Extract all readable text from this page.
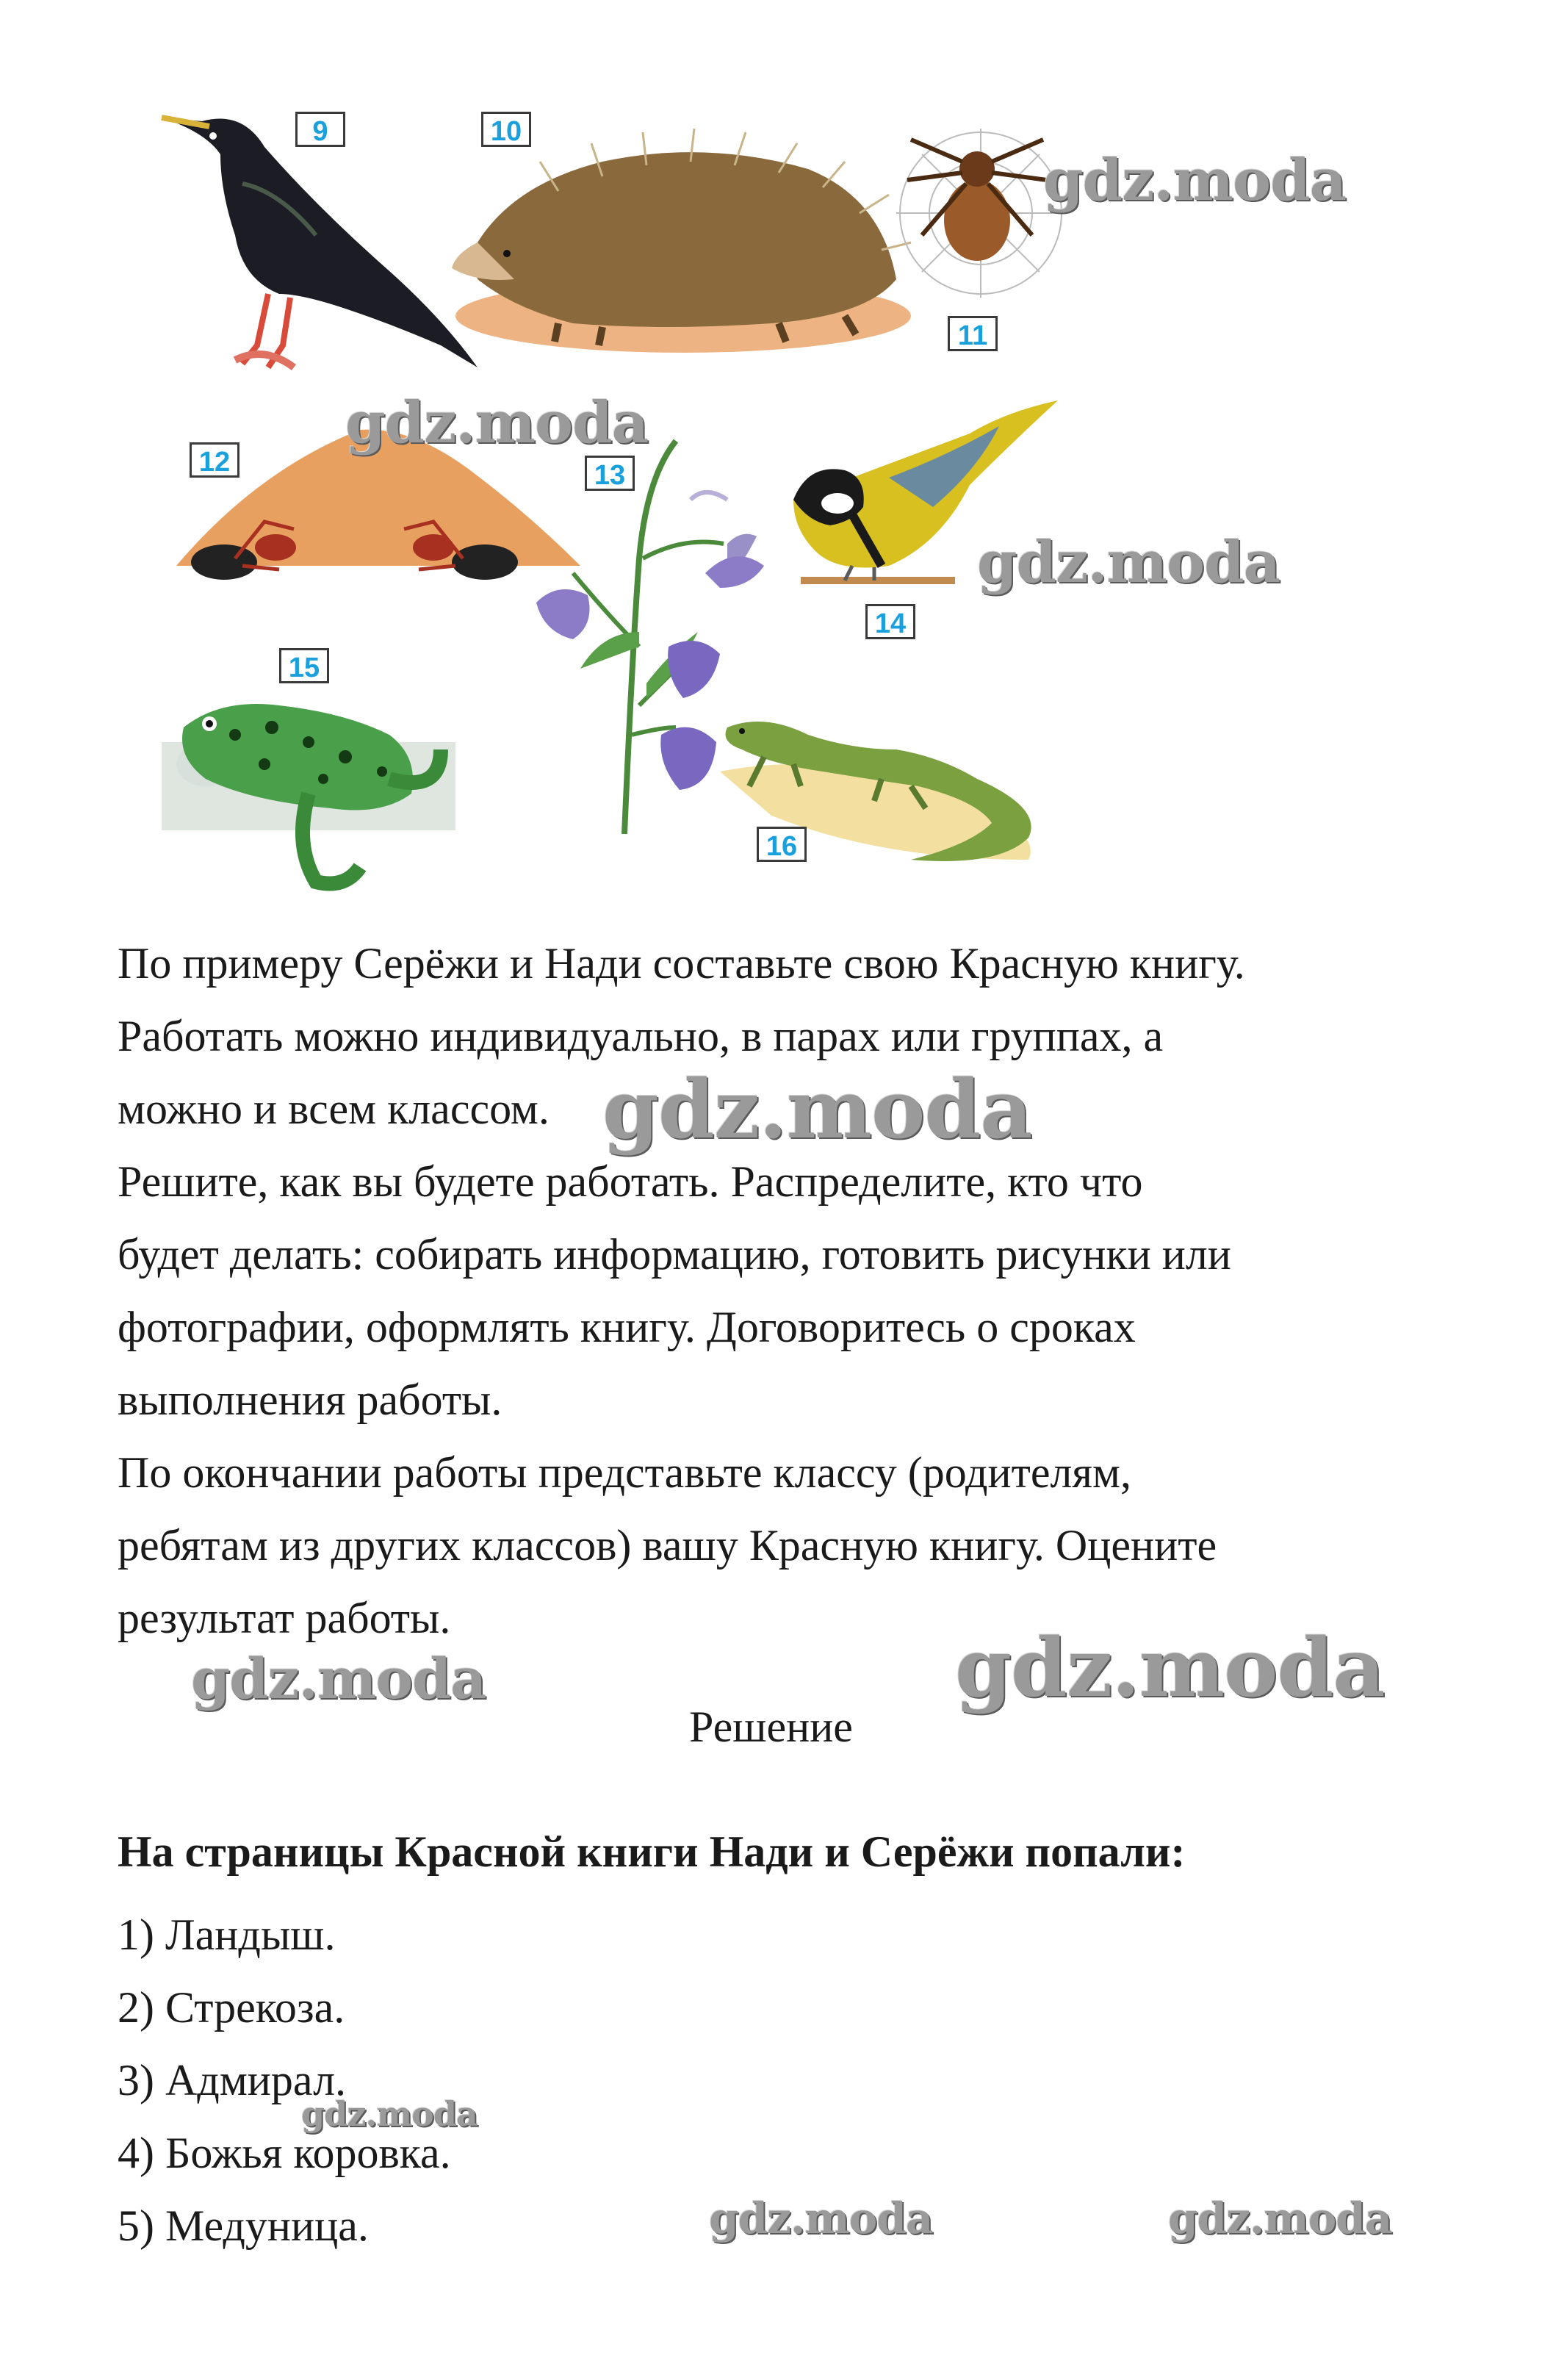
9	10
11
12	13
14
15
16
По примеру Серёжи и Нади составьте свою Красную книгу.
Работать можно индивидуально, в парах или группах, а
можно и всем классом.
Решите, как вы будете работать. Распределите, кто что
будет делать: собирать информацию, готовить рисунки или
фотографии, оформлять книгу. Договоритесь о сроках
выполнения работы.
По окончании работы представьте классу (родителям,
ребятам из других классов) вашу Красную книгу. Оцените
результат работы.
Решение
На страницы Красной книги Нади и Серёжи попали:
1) Ландыш.
2) Стрекоза.
3) Адмирал.
4) Божья коровка.
5) Медуница.
gdz.moda
gdz.moda
gdz.moda
gdz.moda
gdz.moda	gdz.moda
gdz.moda
gdz.moda	gdz.moda
